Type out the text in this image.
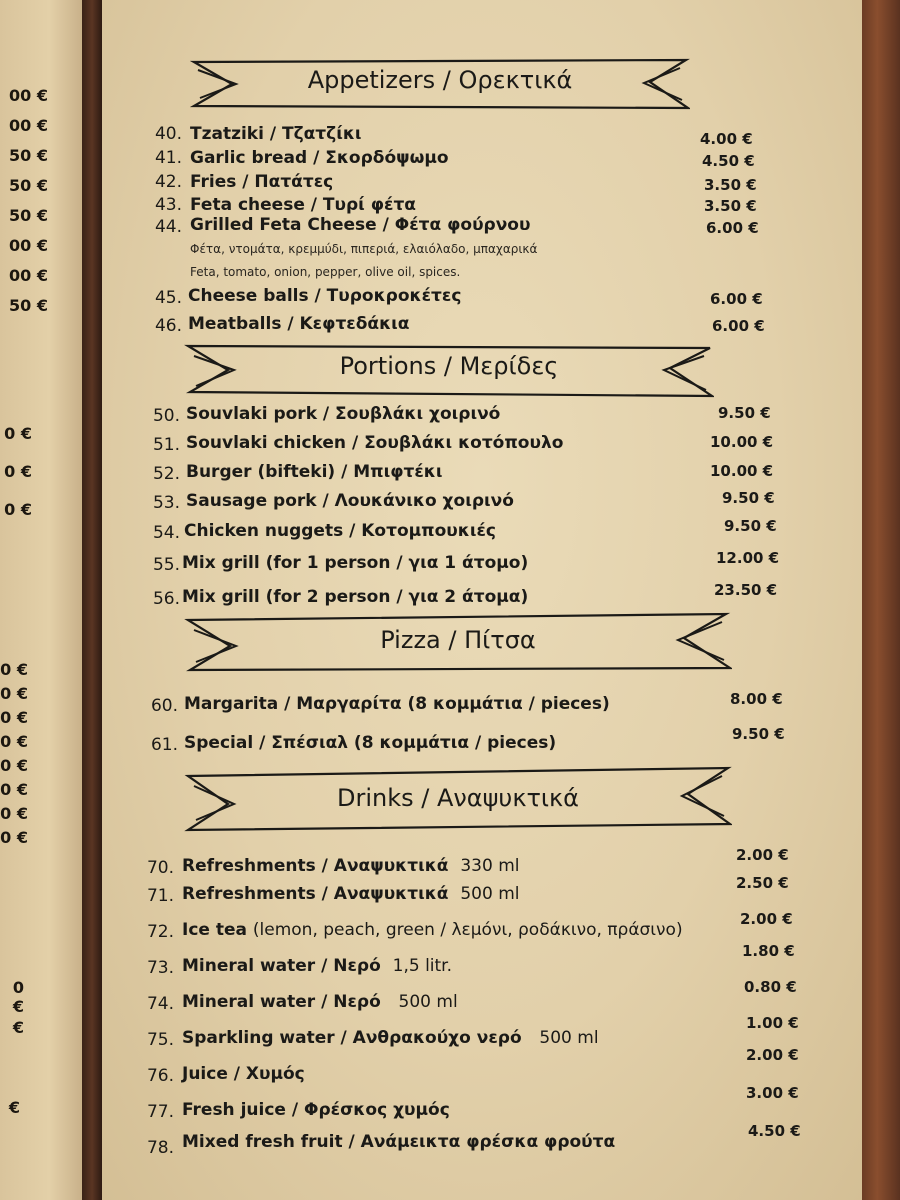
00 €
00 €
50 €
50 €
50 €
00 €
00 €
50 €
0 €
0 €
0 €
0 €
0 €
0 €
0 €
0 €
0 €
0 €
0 €
0 €
€
€
Appetizers / Ορεκτικά
40. Tzatziki / Τζατζίκι	4.00 €
41. Garlic bread / Σκορδόψωμο	4.50 €
42. Fries / Πατάτες	3.50 €
43. Feta cheese / Τυρί φέτα	3.50 €
44. Grilled Feta Cheese / Φέτα φούρνου	6.00 €
Φέτα, ντομάτα, κρεμμύδι, πιπεριά, ελαιόλαδο, μπαχαρικά
Feta, tomato, onion, pepper, olive oil, spices.
45. Cheese balls / Τυροκροκέτες	6.00 €
46. Meatballs / Κεφτεδάκια	6.00 €
Portions / Μερίδες
50. Souvlaki pork / Σουβλάκι χοιρινό	9.50 €
51. Souvlaki chicken / Σουβλάκι κοτόπουλο	10.00 €
52. Burger (bifteki) / Μπιφτέκι	10.00 €
53. Sausage pork / Λουκάνικο χοιρινό	9.50 €
54. Chicken nuggets / Κοτομπουκιές	9.50 €
55. Mix grill (for 1 person / για 1 άτομο)	12.00 €
56. Mix grill (for 2 person / για 2 άτομα)	23.50 €
Pizza / Πίτσα
60. Margarita / Μαργαρίτα (8 κομμάτια / pieces)	8.00 €
61. Special / Σπέσιαλ (8 κομμάτια / pieces)	9.50 €
Drinks / Αναψυκτικά
70. Refreshments / Αναψυκτικά 330 ml
2.00 €
71. Refreshments / Αναψυκτικά 500 ml
2.50 €
72. Ice tea (lemon, peach, green / λεμόνι, ροδάκινο, πράσινο)
2.00 €
73. Mineral water / Νερό 1,5 litr.
1.80 €
74. Mineral water / Νερό 500 ml
0.80 €
75. Sparkling water / Ανθρακούχο νερό 500 ml
1.00 €
76. Juice / Χυμός
2.00 €
77. Fresh juice / Φρέσκος χυμός
3.00 €
78. Mixed fresh fruit / Ανάμεικτα φρέσκα φρούτα
4.50 €
